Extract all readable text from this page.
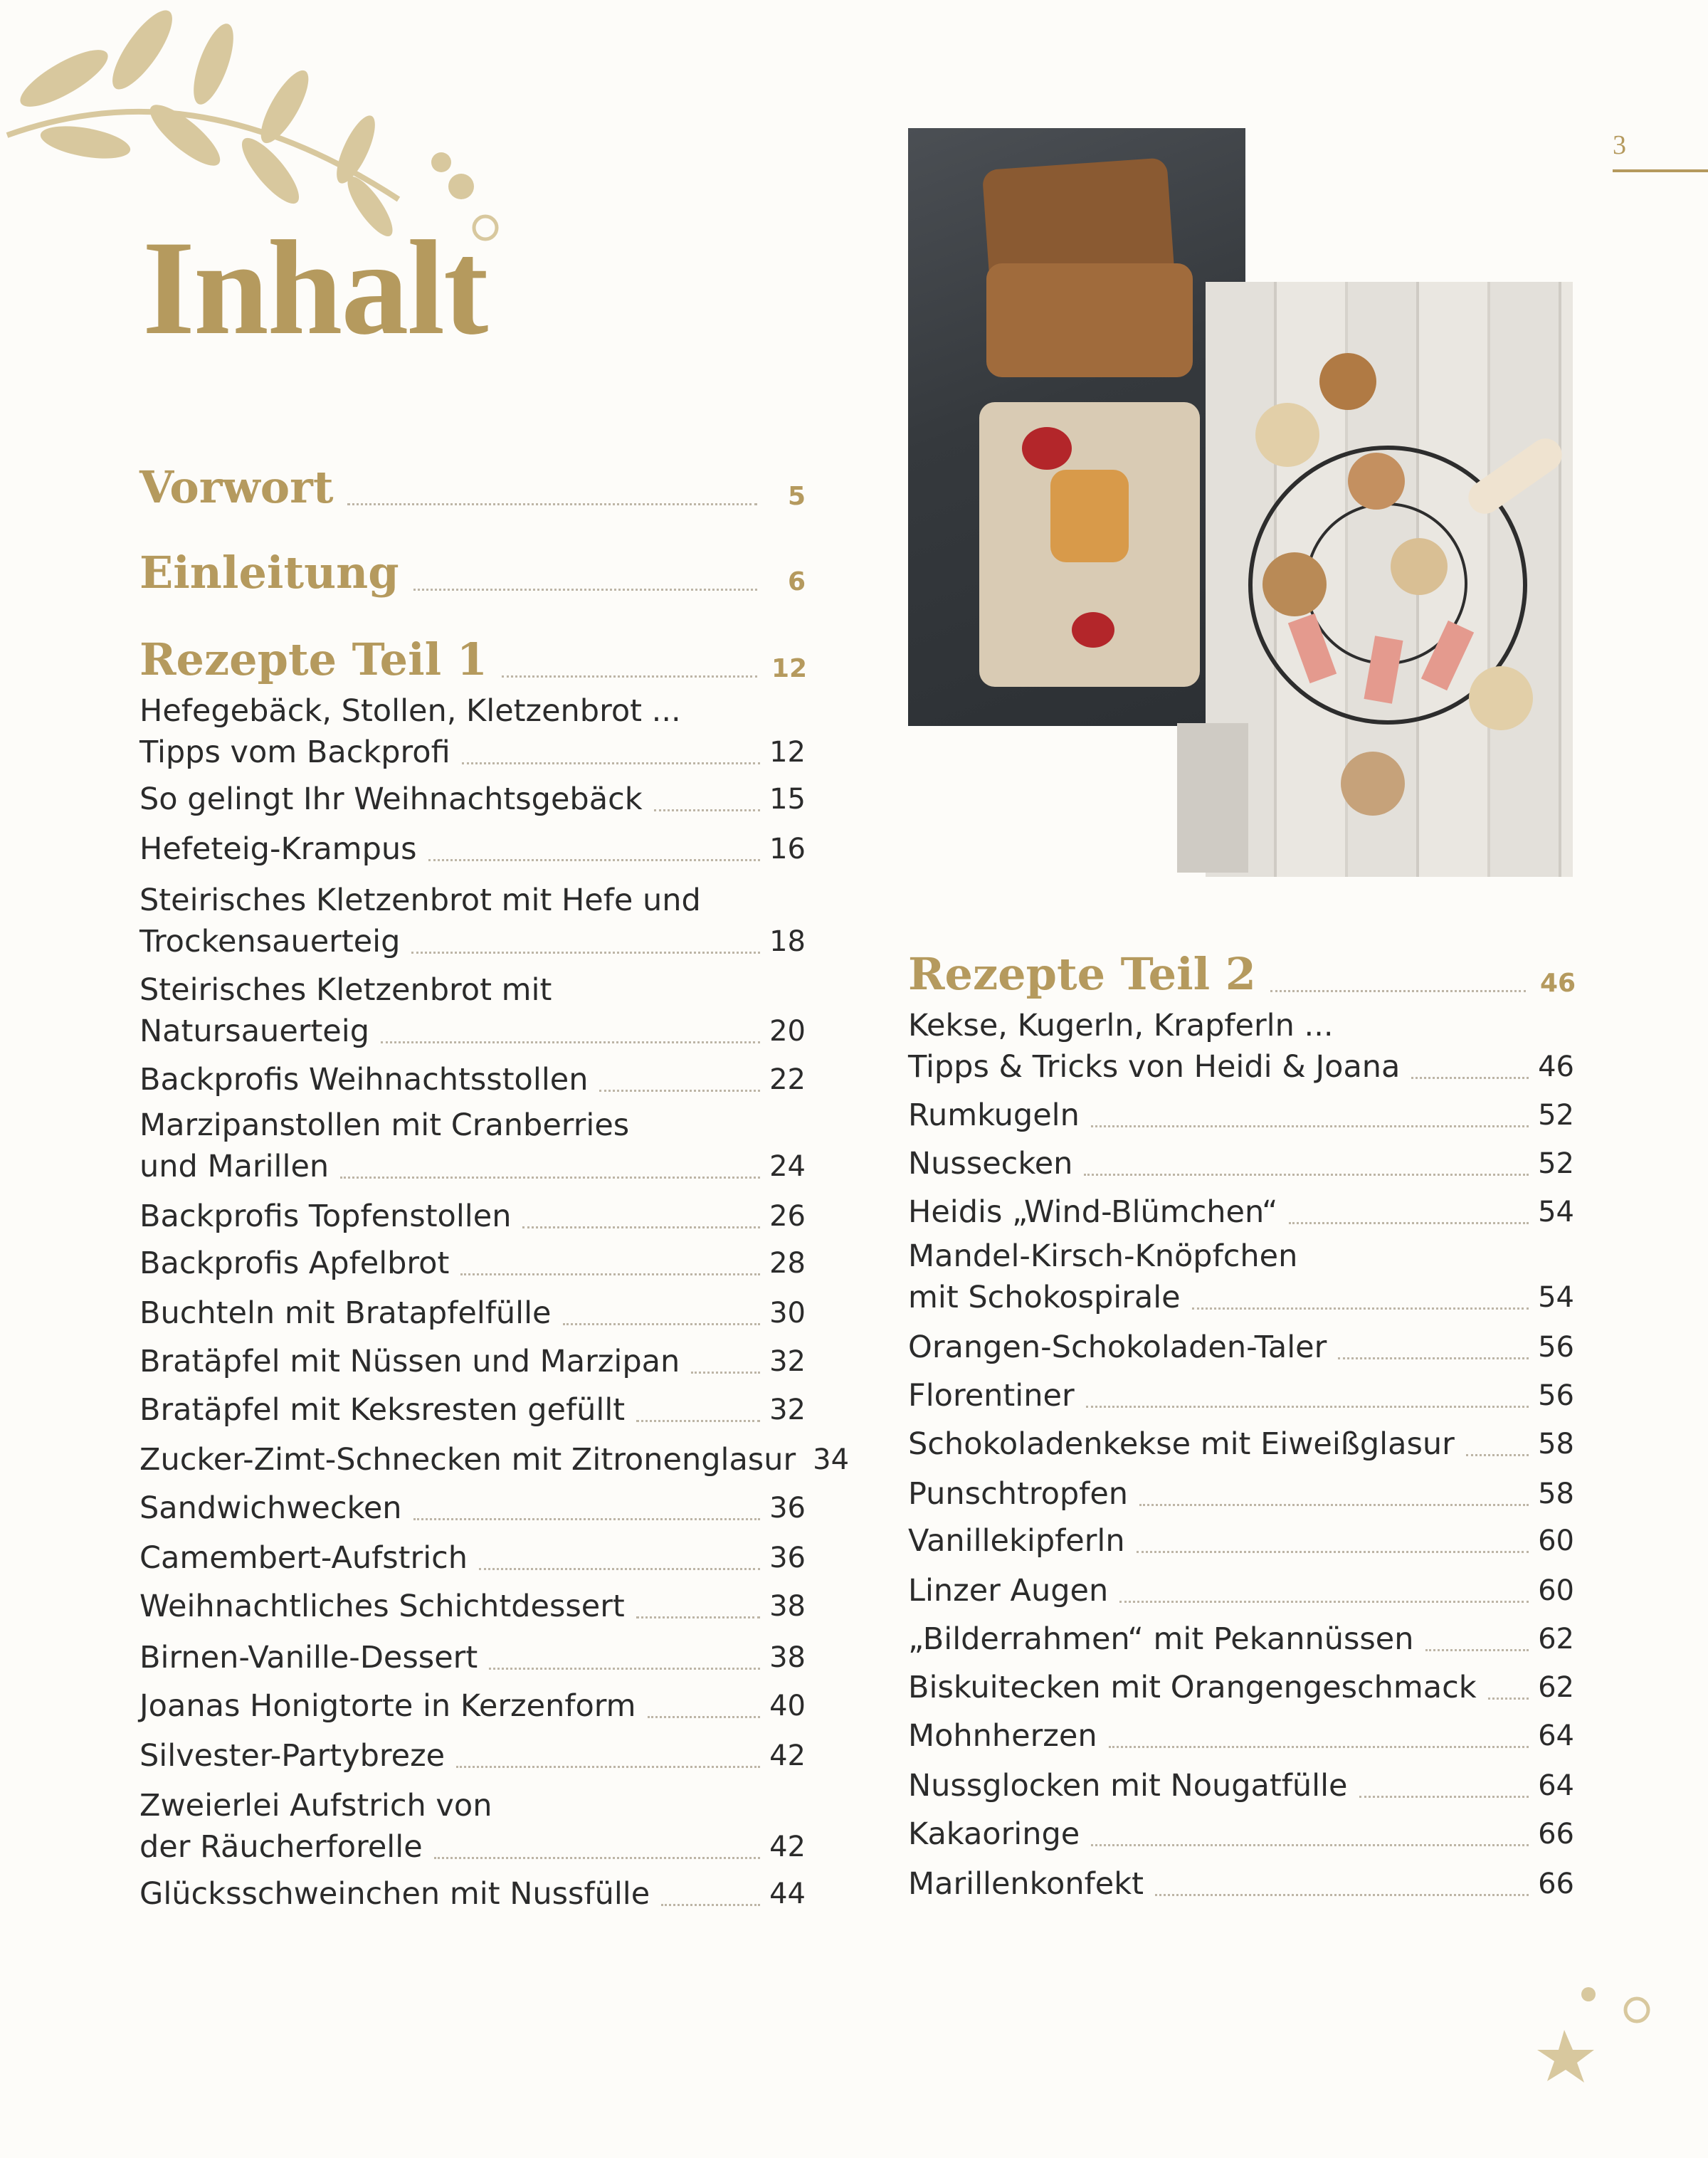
Inhalt
3
Vorwort	5
Einleitung	6
Rezepte Teil 1	12
Hefegebäck, Stollen, Kletzenbrot ...
Tipps vom Backprofi	12
So gelingt Ihr Weihnachtsgebäck	15
Hefeteig-Krampus	16
Steirisches Kletzenbrot mit Hefe und
Trockensauerteig	18
Steirisches Kletzenbrot mit
Natursauerteig	20
Backprofis Weihnachtsstollen	22
Marzipanstollen mit Cranberries
und Marillen	24
Backprofis Topfenstollen	26
Backprofis Apfelbrot	28
Buchteln mit Bratapfelfülle	30
Bratäpfel mit Nüssen und Marzipan	32
Bratäpfel mit Keksresten gefüllt	32
Zucker-Zimt-Schnecken mit Zitronenglasur 34
Sandwichwecken	36
Camembert-Aufstrich	36
Weihnachtliches Schichtdessert	38
Birnen-Vanille-Dessert	38
Joanas Honigtorte in Kerzenform	40
Silvester-Partybreze	42
Zweierlei Aufstrich von
der Räucherforelle	42
Glücksschweinchen mit Nussfülle	44
Rezepte Teil 2	46
Kekse, Kugerln, Krapferln ...
Tipps & Tricks von Heidi & Joana	46
Rumkugeln	52
Nussecken	52
Heidis „Wind-Blümchen“	54
Mandel-Kirsch-Knöpfchen
mit Schokospirale	54
Orangen-Schokoladen-Taler	56
Florentiner	56
Schokoladenkekse mit Eiweißglasur	58
Punschtropfen	58
Vanillekipferln	60
Linzer Augen	60
„Bilderrahmen“ mit Pekannüssen	62
Biskuitecken mit Orangengeschmack 62
Mohnherzen	64
Nussglocken mit Nougatfülle	64
Kakaoringe	66
Marillenkonfekt	66
